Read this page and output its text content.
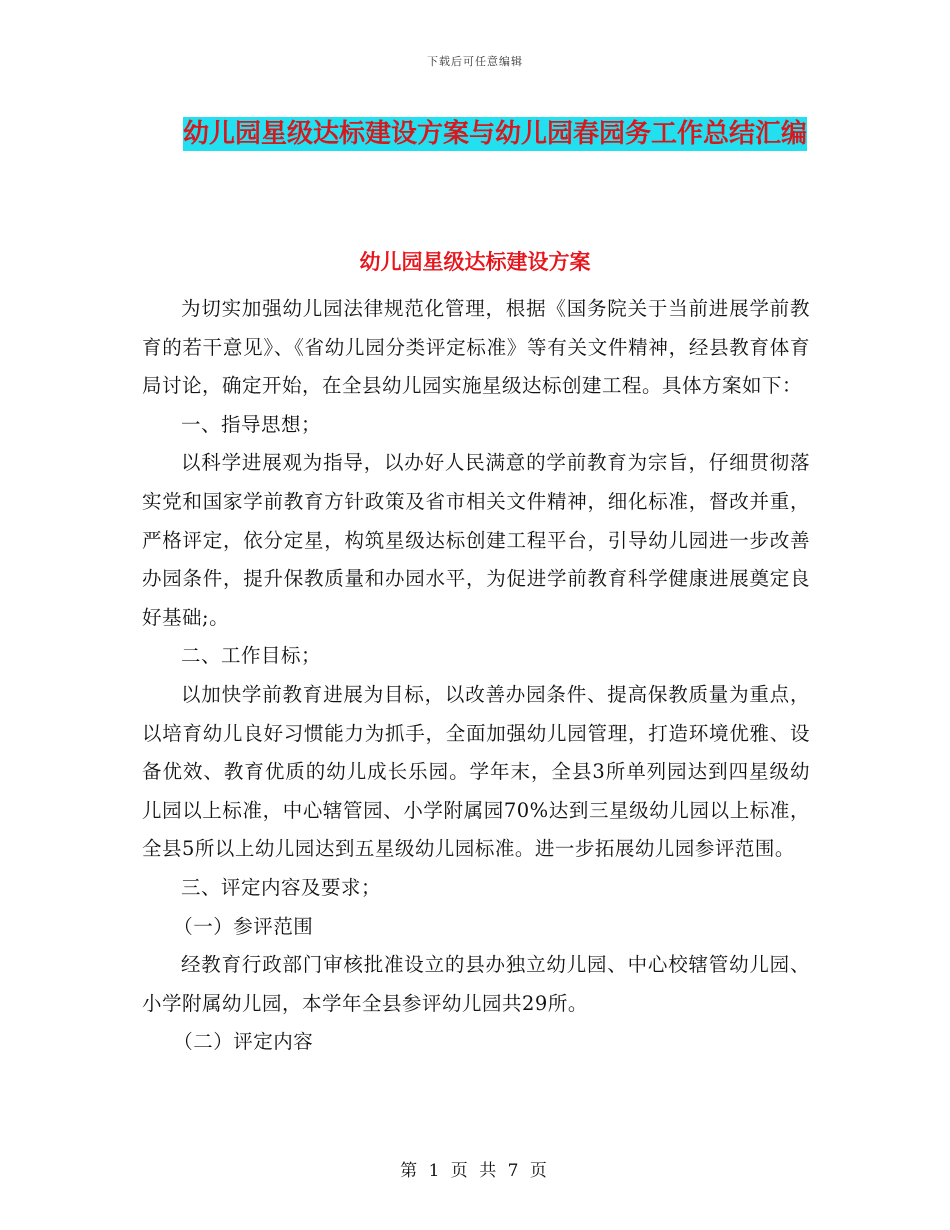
下载后可任意编辑
幼儿园星级达标建设方案与幼儿园春园务工作总结汇编
幼儿园星级达标建设方案

为切实加强幼儿园法律规范化管理，根据《国务院关于当前进展学前教育的若干意见》、《省幼儿园分类评定标准》等有关文件精神，经县教育体育局讨论，确定开始，在全县幼儿园实施星级达标创建工程。具体方案如下：

一、指导思想；

以科学进展观为指导，以办好人民满意的学前教育为宗旨，仔细贯彻落实党和国家学前教育方针政策及省市相关文件精神，细化标准，督改并重，严格评定，依分定星，构筑星级达标创建工程平台，引导幼儿园进一步改善办园条件，提升保教质量和办园水平，为促进学前教育科学健康进展奠定良好基础;。

二、工作目标；

以加快学前教育进展为目标，以改善办园条件、提高保教质量为重点，以培育幼儿良好习惯能力为抓手，全面加强幼儿园管理，打造环境优雅、设备优效、教育优质的幼儿成长乐园。学年末，全县3所单列园达到四星级幼儿园以上标准，中心辖管园、小学附属园70%达到三星级幼儿园以上标准，全县5所以上幼儿园达到五星级幼儿园标准。进一步拓展幼儿园参评范围。

三、评定内容及要求；

（一）参评范围

经教育行政部门审核批准设立的县办独立幼儿园、中心校辖管幼儿园、小学附属幼儿园，本学年全县参评幼儿园共29所。

（二）评定内容

第 1 页 共 7 页
